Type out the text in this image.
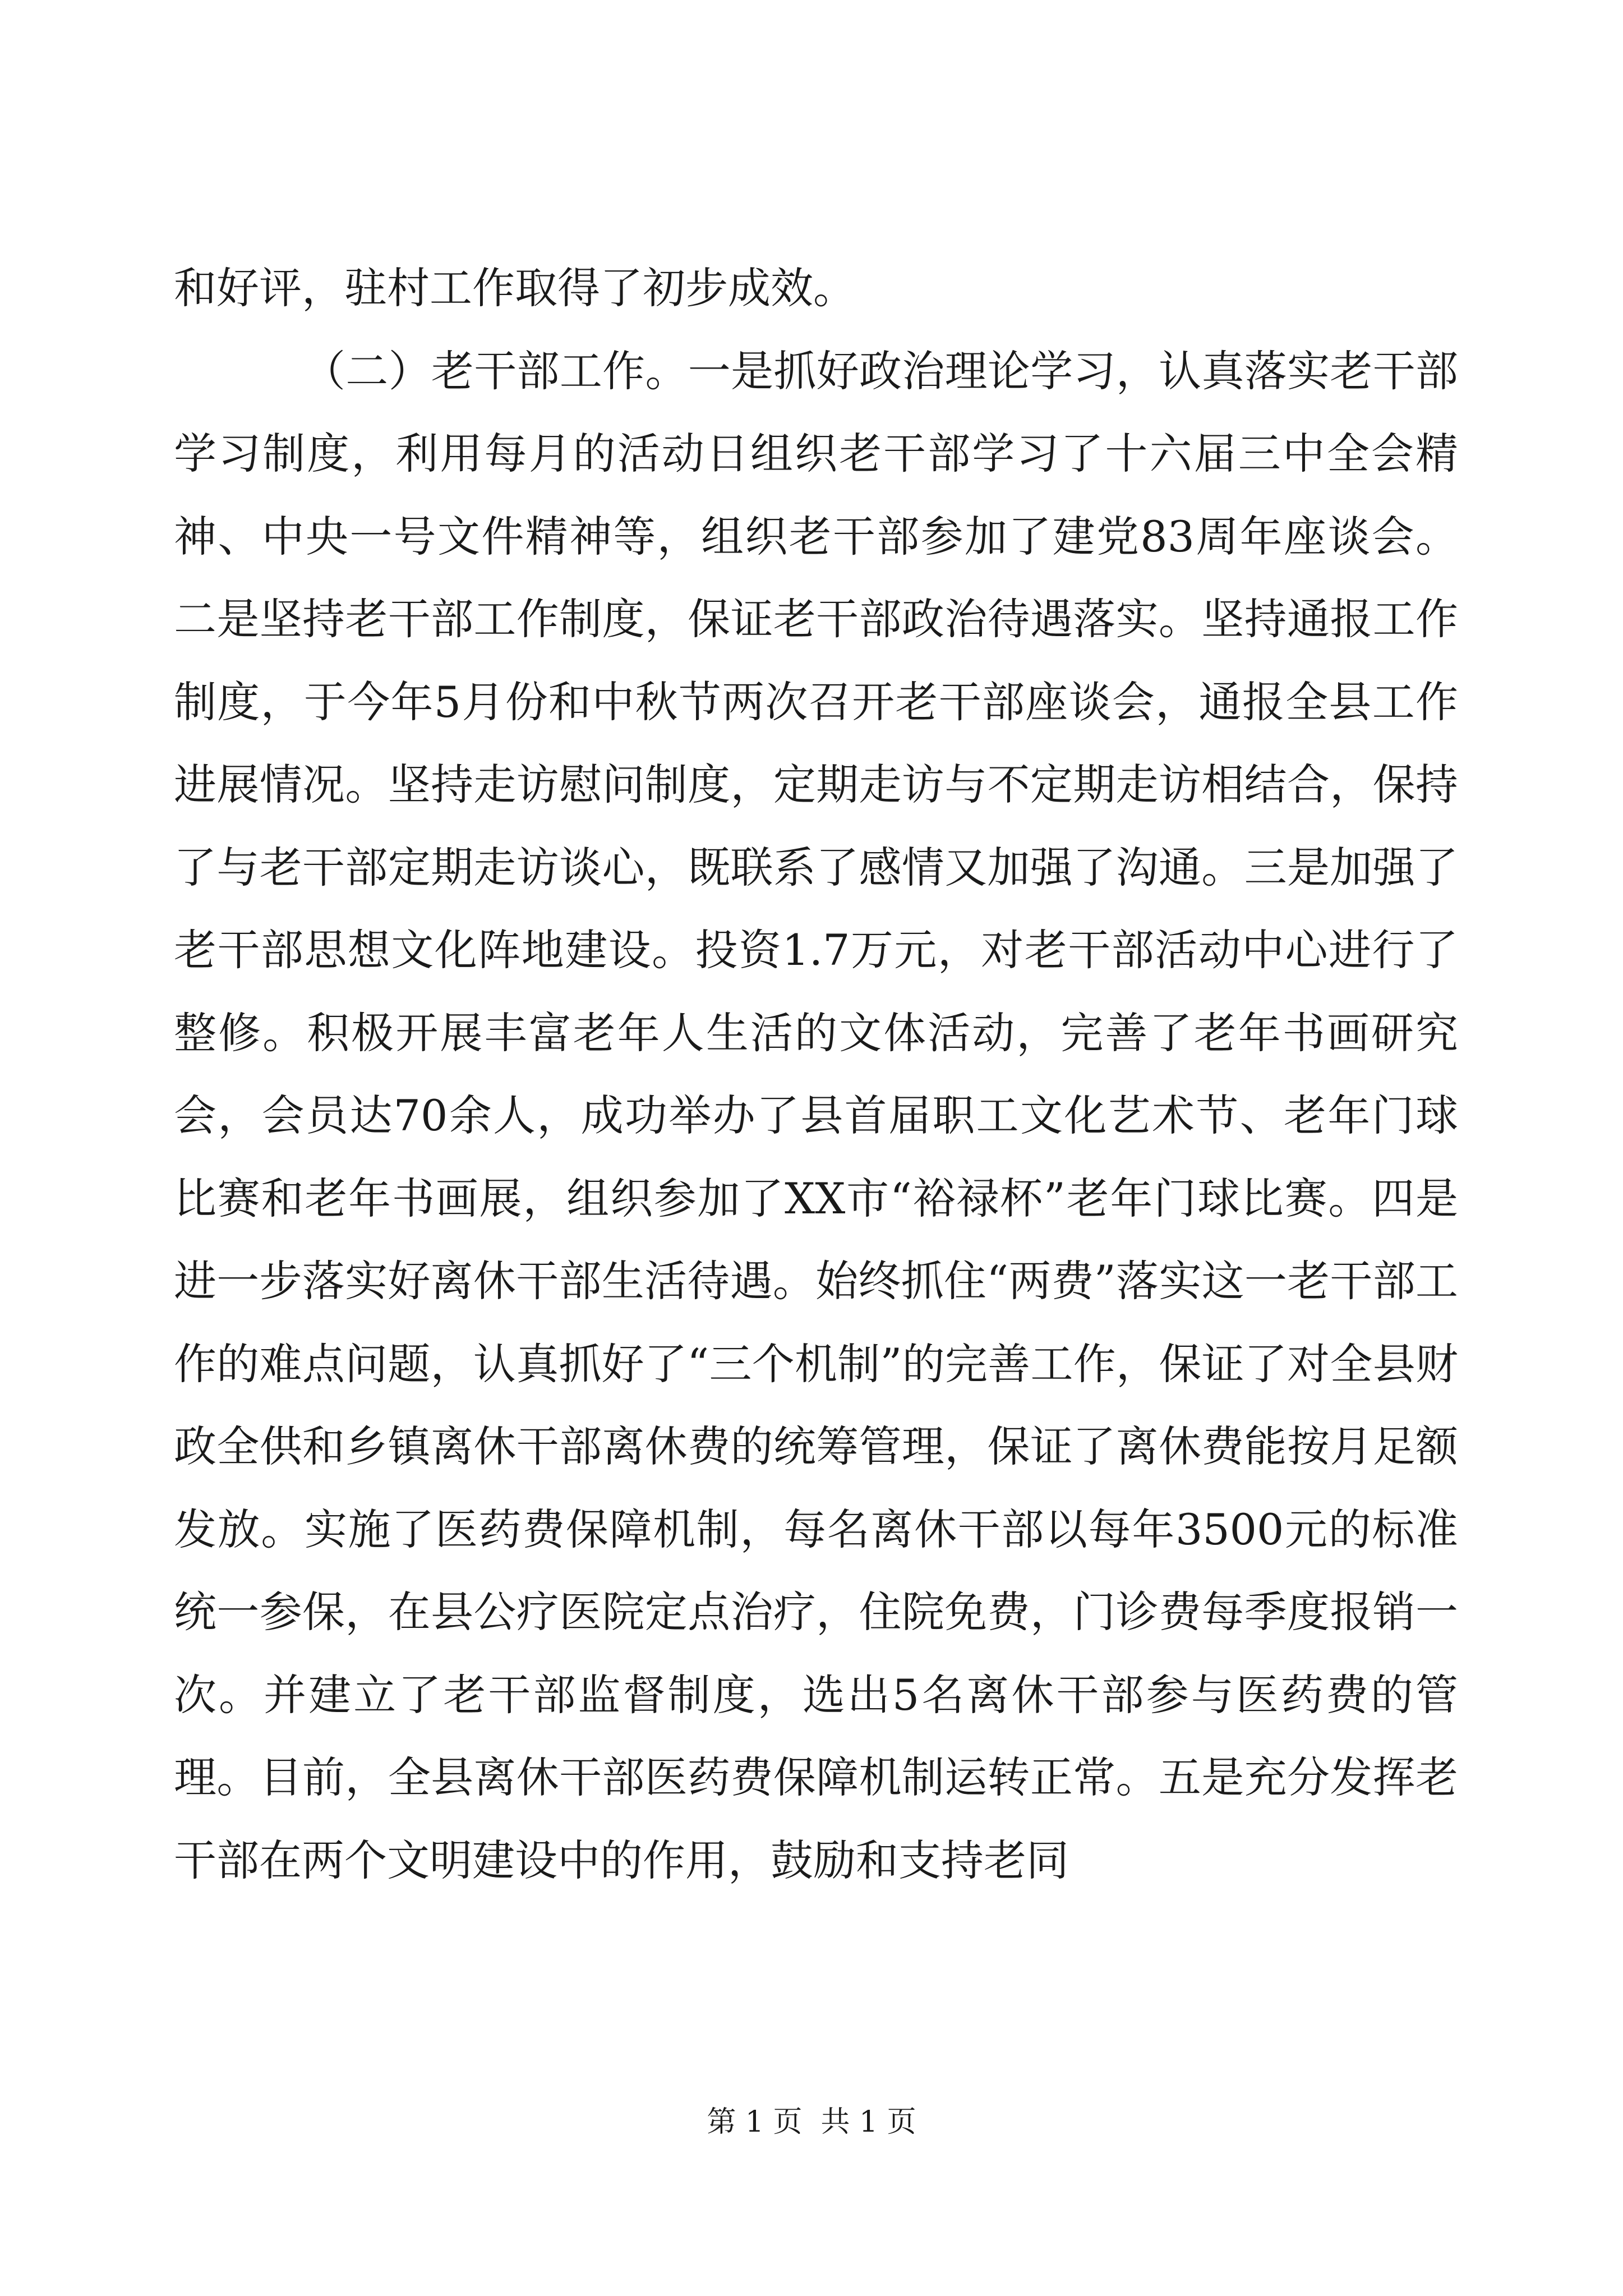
和好评，驻村工作取得了初步成效。

（二）老干部工作。一是抓好政治理论学习，认真落实老干部学习制度，利用每月的活动日组织老干部学习了十六届三中全会精神、中央一号文件精神等，组织老干部参加了建党83周年座谈会。二是坚持老干部工作制度，保证老干部政治待遇落实。坚持通报工作制度，于今年5月份和中秋节两次召开老干部座谈会，通报全县工作进展情况。坚持走访慰问制度，定期走访与不定期走访相结合，保持了与老干部定期走访谈心，既联系了感情又加强了沟通。三是加强了老干部思想文化阵地建设。投资1.7万元，对老干部活动中心进行了整修。积极开展丰富老年人生活的文体活动，完善了老年书画研究会，会员达70余人，成功举办了县首届职工文化艺术节、老年门球比赛和老年书画展，组织参加了XX市“裕禄杯”老年门球比赛。四是进一步落实好离休干部生活待遇。始终抓住“两费”落实这一老干部工作的难点问题，认真抓好了“三个机制”的完善工作，保证了对全县财政全供和乡镇离休干部离休费的统筹管理，保证了离休费能按月足额发放。实施了医药费保障机制，每名离休干部以每年3500元的标准统一参保，在县公疗医院定点治疗，住院免费，门诊费每季度报销一次。并建立了老干部监督制度，选出5名离休干部参与医药费的管理。目前，全县离休干部医药费保障机制运转正常。五是充分发挥老干部在两个文明建设中的作用，鼓励和支持老同

第 1 页  共 1 页
